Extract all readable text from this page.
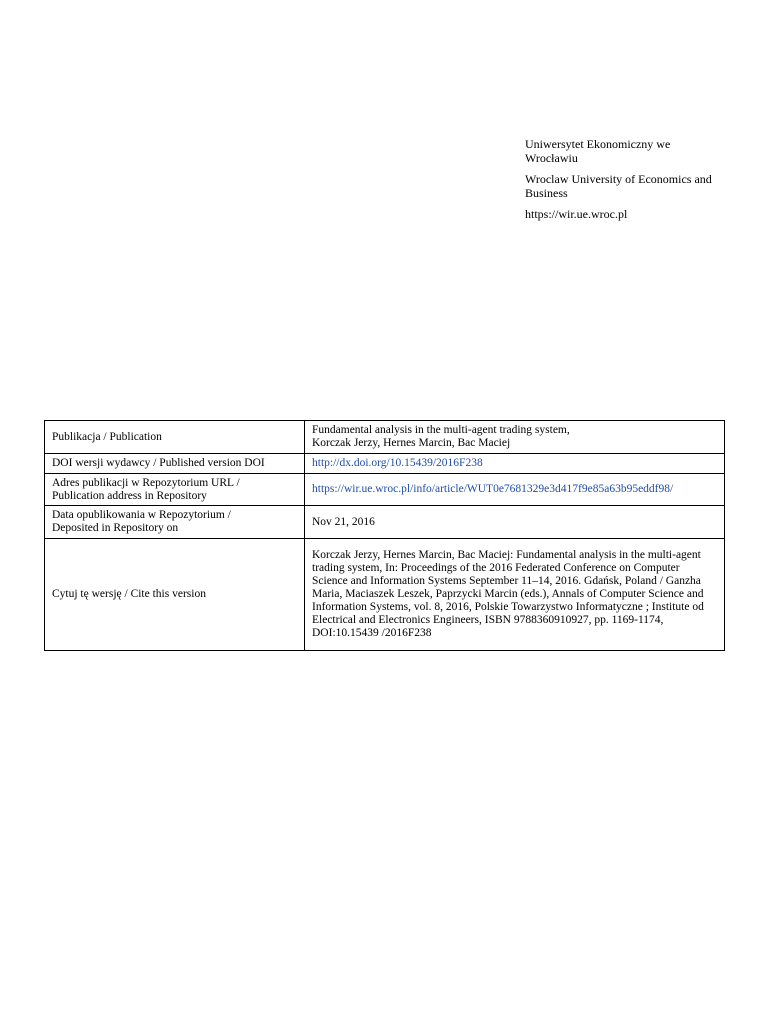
Uniwersytet Ekonomiczny we Wrocławiu

Wroclaw University of Economics and Business

https://wir.ue.wroc.pl

Publikacja / Publication	Fundamental analysis in the multi-agent trading system,
Korczak Jerzy, Hernes Marcin, Bac Maciej

DOI wersji wydawcy / Published version DOI	http://dx.doi.org/10.15439/2016F238

Adres publikacji w Repozytorium URL /
Publication address in Repository	https://wir.ue.wroc.pl/info/article/WUT0e7681329e3d417f9e85a63b95eddf98/

Data opublikowania w Repozytorium /
Deposited in Repository on	Nov 21, 2016
Cytuj tę wersję / Cite this version	Korczak Jerzy, Hernes Marcin, Bac Maciej: Fundamental analysis in the multi-agent trading system, In: Proceedings of the 2016 Federated Conference on Computer Science and Information Systems September 11–14, 2016. Gdańsk, Poland / Ganzha Maria, Maciaszek Leszek, Paprzycki Marcin (eds.), Annals of Computer Science and Information Systems, vol. 8, 2016, Polskie Towarzystwo Informatyczne ; Institute od Electrical and Electronics Engineers, ISBN 9788360910927, pp. 1169-1174, DOI:10.15439 /2016F238
